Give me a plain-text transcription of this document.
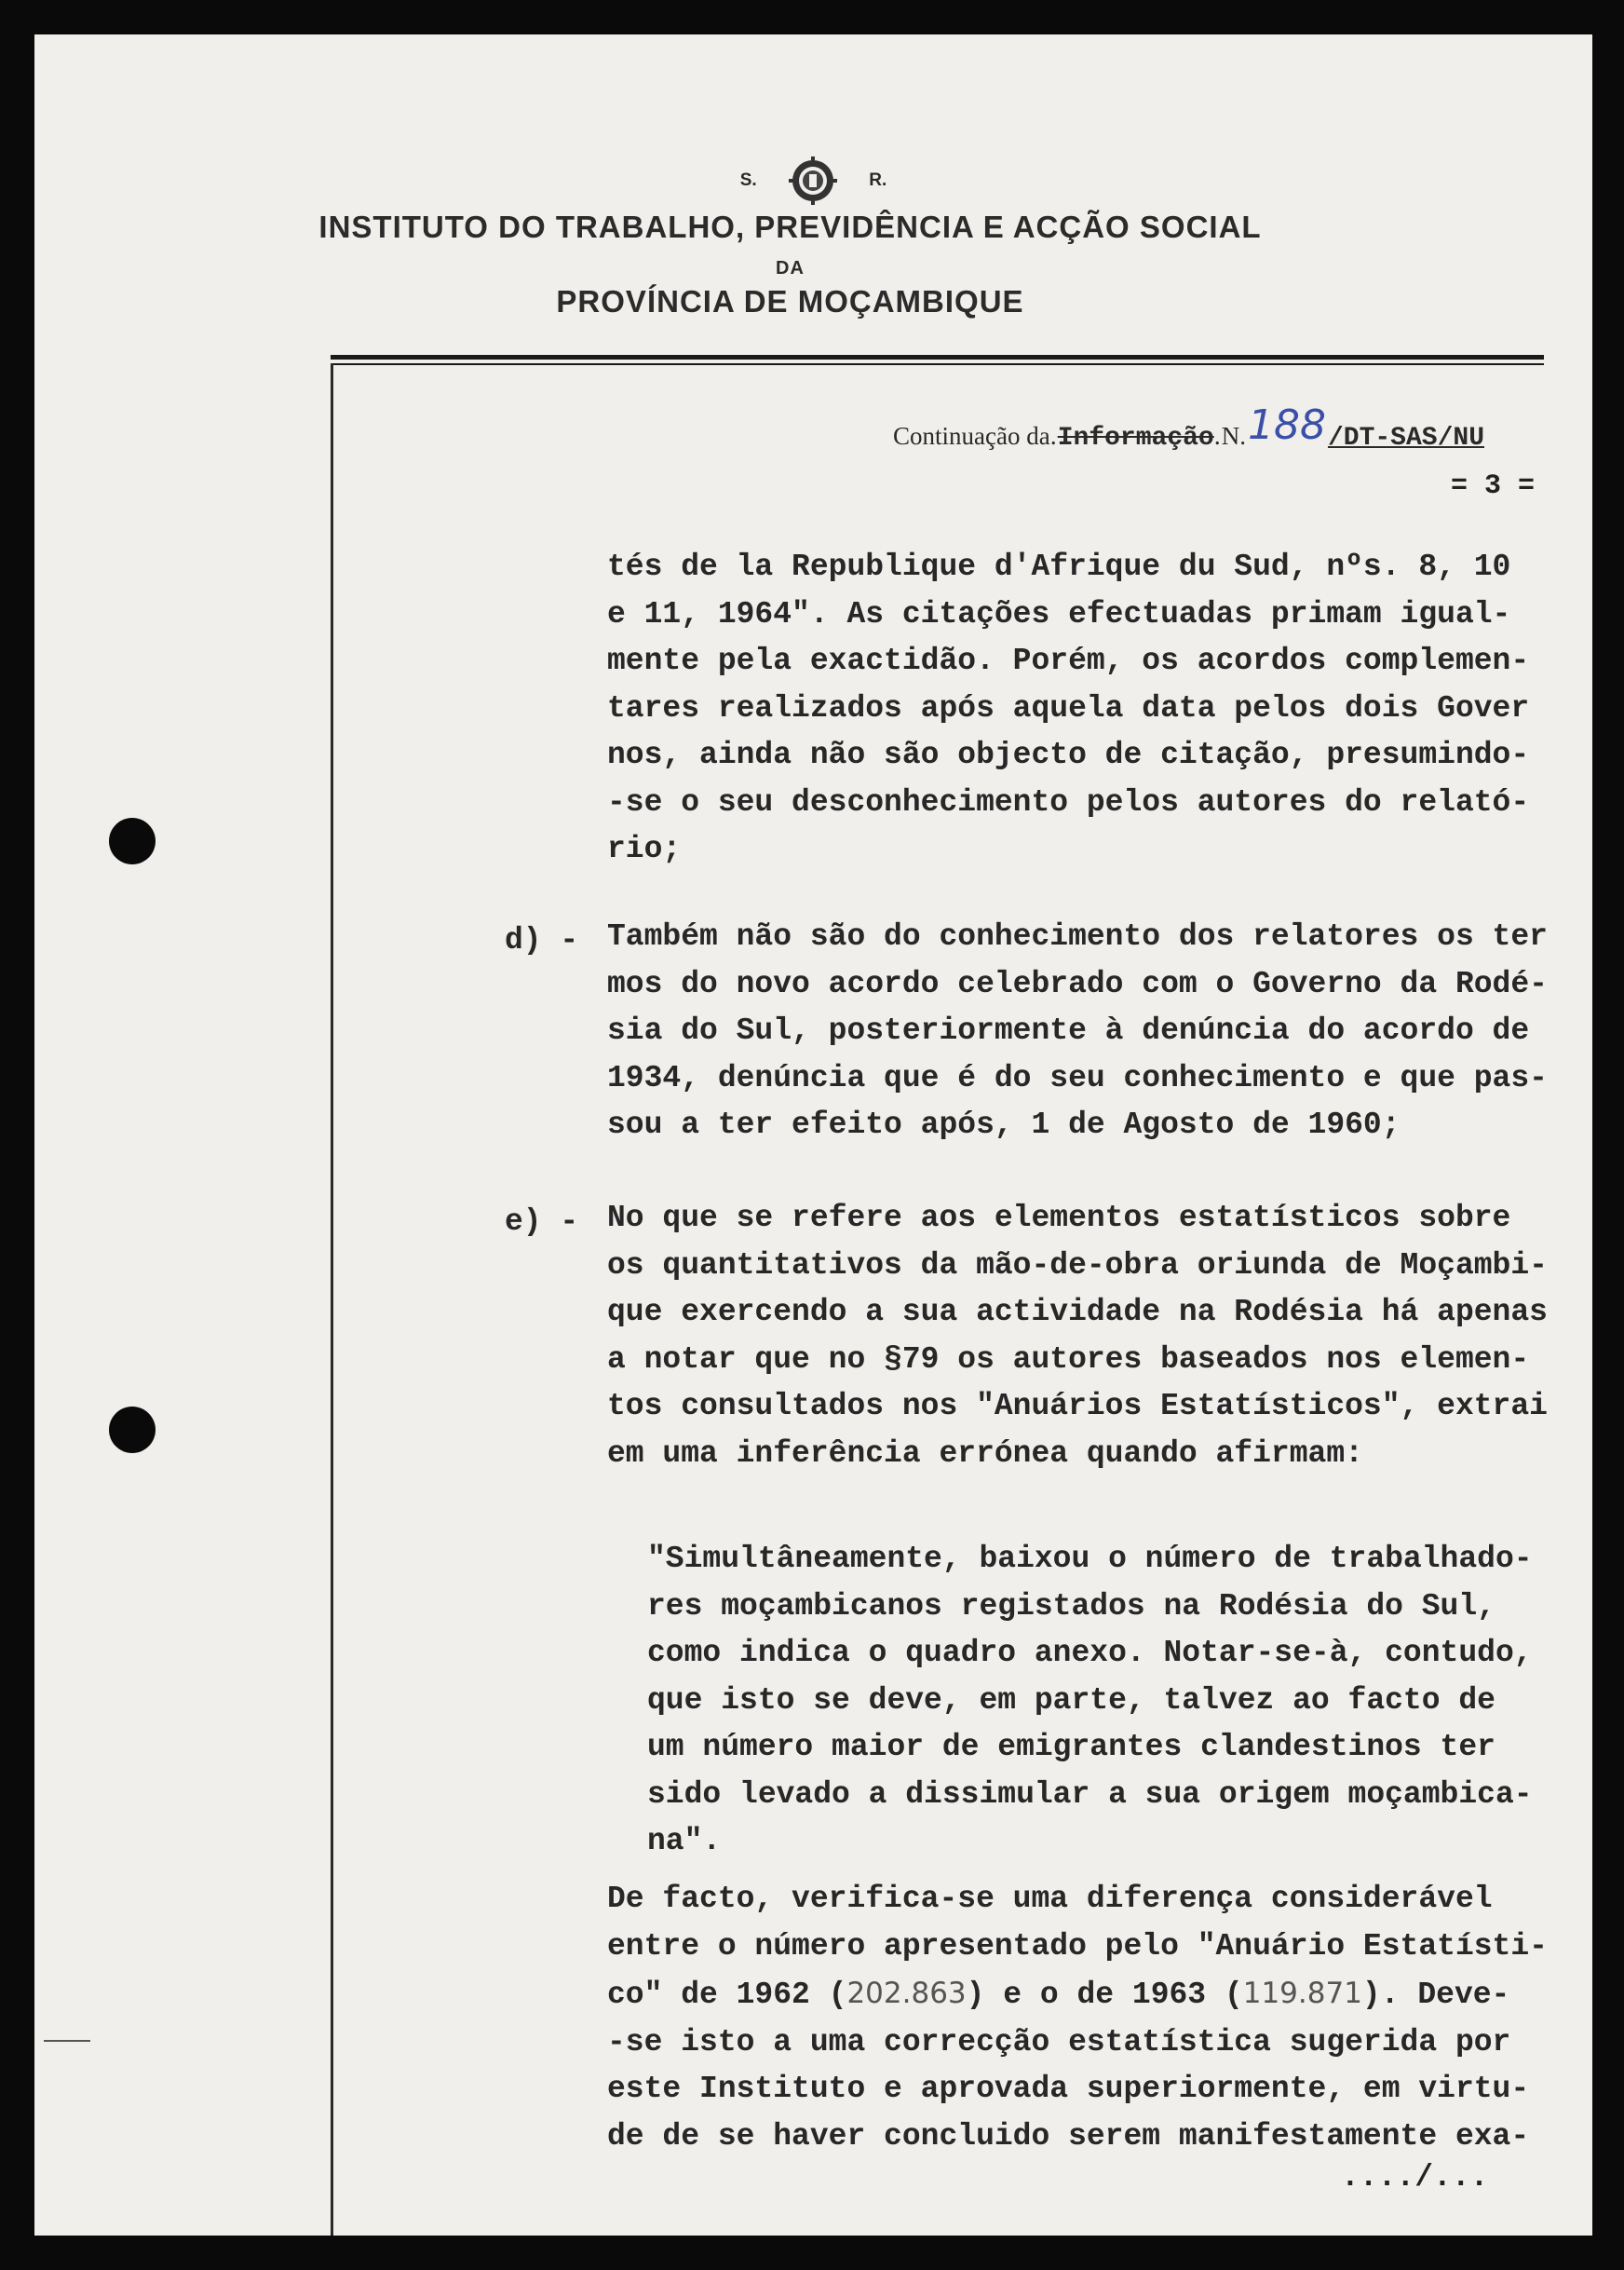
S.	R.
INSTITUTO DO TRABALHO, PREVIDÊNCIA E ACÇÃO SOCIAL
DA
PROVÍNCIA DE MOÇAMBIQUE
Continuação da.Informação.N.188/DT-SAS/NU
= 3 =
tés de la Republique d'Afrique du Sud, nºs. 8, 10
e 11, 1964". As citações efectuadas primam igual-
mente pela exactidão. Porém, os acordos complemen-
tares realizados após aquela data pelos dois Gover
nos, ainda não são objecto de citação, presumindo-
-se o seu desconhecimento pelos autores do relató-
rio;
d) - Também não são do conhecimento dos relatores os ter
mos do novo acordo celebrado com o Governo da Rodé-
sia do Sul, posteriormente à denúncia do acordo de
1934, denúncia que é do seu conhecimento e que pas-
sou a ter efeito após, 1 de Agosto de 1960;
e) - No que se refere aos elementos estatísticos sobre
os quantitativos da mão-de-obra oriunda de Moçambi-
que exercendo a sua actividade na Rodésia há apenas
a notar que no §79 os autores baseados nos elemen-
tos consultados nos "Anuários Estatísticos", extrai
em uma inferência errónea quando afirmam:
"Simultâneamente, baixou o número de trabalhado-
res moçambicanos registados na Rodésia do Sul,
como indica o quadro anexo. Notar-se-à, contudo,
que isto se deve, em parte, talvez ao facto de
um número maior de emigrantes clandestinos ter
sido levado a dissimular a sua origem moçambica-
na".
De facto, verifica-se uma diferença considerável
entre o número apresentado pelo "Anuário Estatísti-
co" de 1962 (202.863) e o de 1963 (119.871). Deve-
-se isto a uma correcção estatística sugerida por
este Instituto e aprovada superiormente, em virtu-
de de se haver concluido serem manifestamente exa-
..../...
